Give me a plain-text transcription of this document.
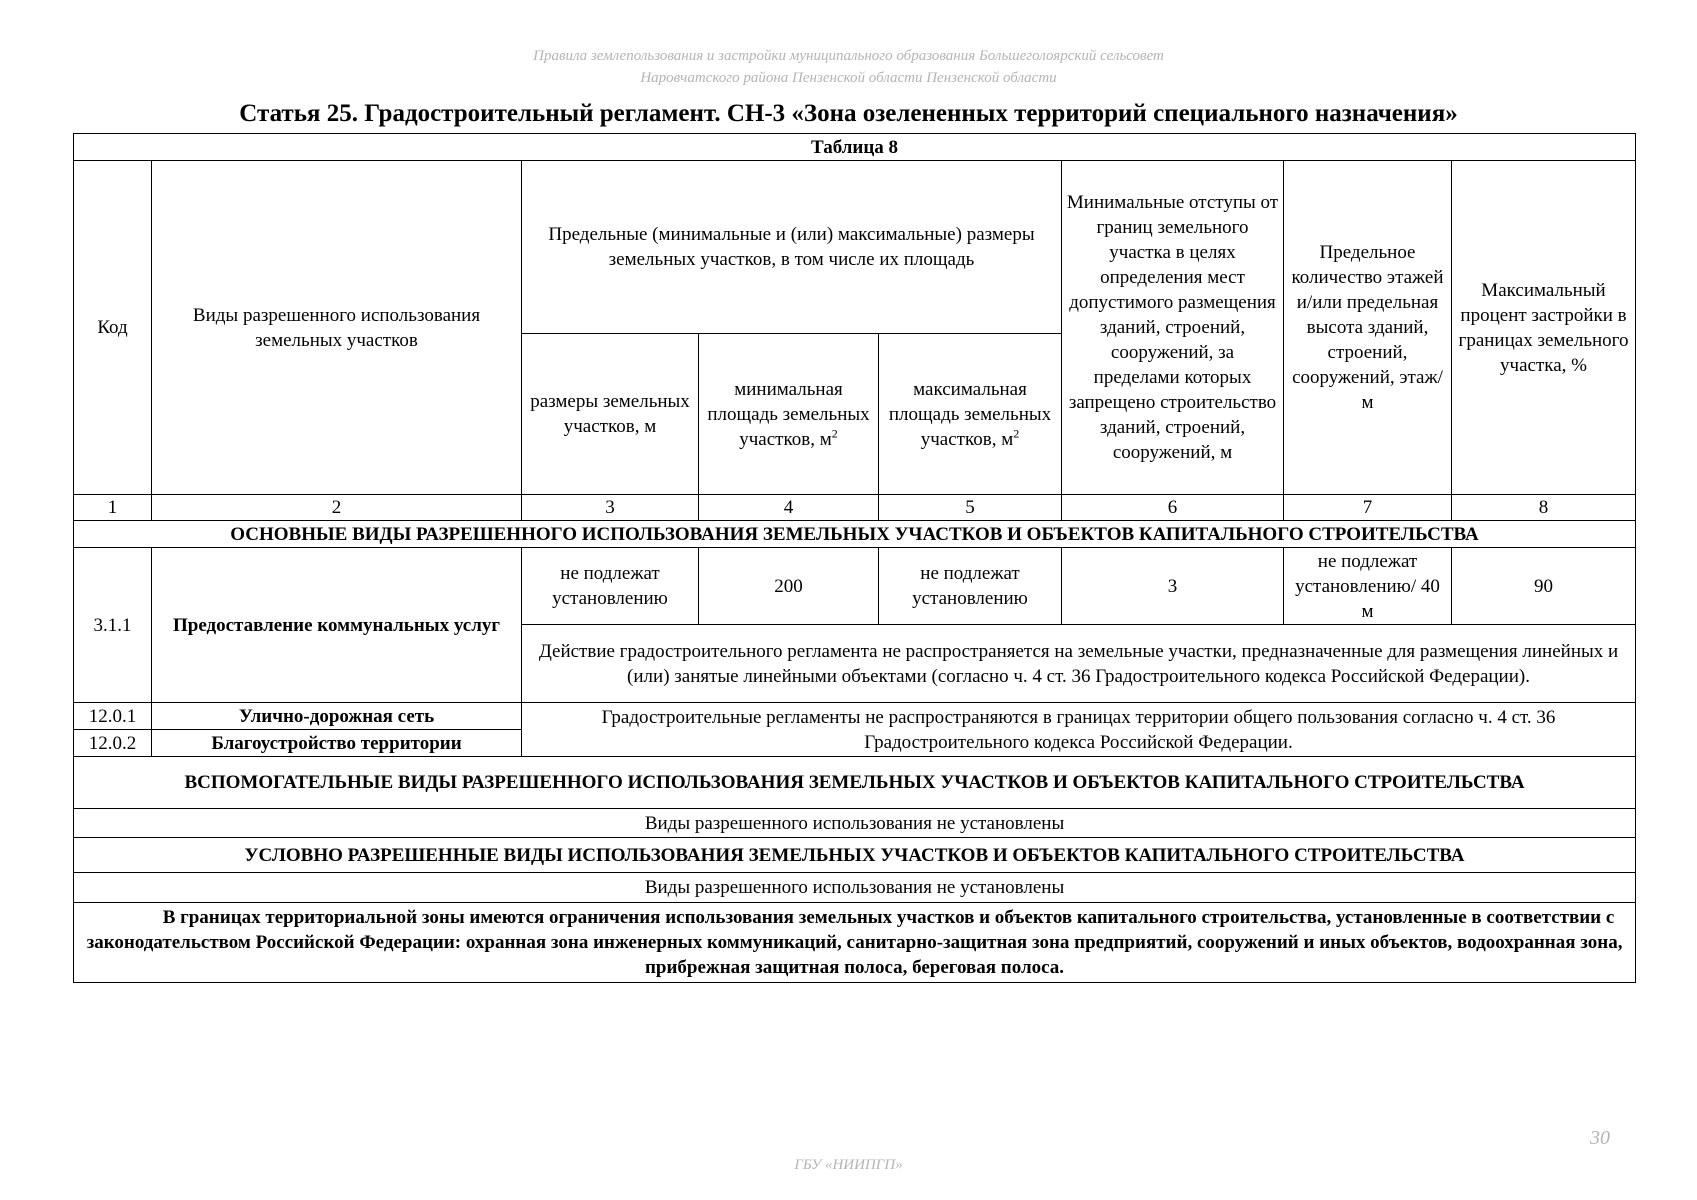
Правила землепользования и застройки муниципального образования Большеголоярский сельсовет
Наровчатского района Пензенской области Пензенской области
Статья 25. Градостроительный регламент. СН-3 «Зона озелененных территорий специального назначения»
Таблица 8							
Код	Виды разрешенного использования земельных участков	Предельные (минимальные и (или) максимальные) размеры земельных участков, в том числе их площадь			Минимальные отступы от границ земельного участка в целях определения мест допустимого размещения зданий, строений, сооружений, за пределами которых запрещено строительство зданий, строений, сооружений, м	Предельное количество этажей и/или предельная высота зданий, строений, сооружений, этаж/м	Максимальный процент застройки в границах земельного участка, %
		размеры земельных участков, м	минимальная площадь земельных участков, $м^2$	максимальная площадь земельных участков, $м^2$
1	2	3	4	5	6	7	8
ОСНОВНЫЕ ВИДЫ РАЗРЕШЕННОГО ИСПОЛЬЗОВАНИЯ ЗЕМЕЛЬНЫХ УЧАСТКОВ И ОБЪЕКТОВ КАПИТАЛЬНОГО СТРОИТЕЛЬСТВА							
3.1.1	Предоставление коммунальных услуг	не подлежат установлению	200	не подлежат установлению	3	не подлежат установлению/ 40 м	90
		Действие градостроительного регламента не распространяется на земельные участки, предназначенные для размещения линейных и (или) занятые линейными объектами (согласно ч. 4 ст. 36 Градостроительного кодекса Российской Федерации).					
12.0.1	Улично-дорожная сеть	Градостроительные регламенты не распространяются в границах территории общего пользования согласно ч. 4 ст. 36 Градостроительного кодекса Российской Федерации.					
12.0.2	Благоустройство территории						
ВСПОМОГАТЕЛЬНЫЕ ВИДЫ РАЗРЕШЕННОГО ИСПОЛЬЗОВАНИЯ ЗЕМЕЛЬНЫХ УЧАСТКОВ И ОБЪЕКТОВ КАПИТАЛЬНОГО СТРОИТЕЛЬСТВА							
Виды разрешенного использования не установлены							
УСЛОВНО РАЗРЕШЕННЫЕ ВИДЫ ИСПОЛЬЗОВАНИЯ ЗЕМЕЛЬНЫХ УЧАСТКОВ И ОБЪЕКТОВ КАПИТАЛЬНОГО СТРОИТЕЛЬСТВА							
Виды разрешенного использования не установлены							
В границах территориальной зоны имеются ограничения использования земельных участков и объектов капитального строительства, установленные в соответствии с законодательством Российской Федерации: охранная зона инженерных коммуникаций, санитарно-защитная зона предприятий, сооружений и иных объектов, водоохранная зона, прибрежная защитная полоса, береговая полоса.							
30
ГБУ «НИИПГП»
